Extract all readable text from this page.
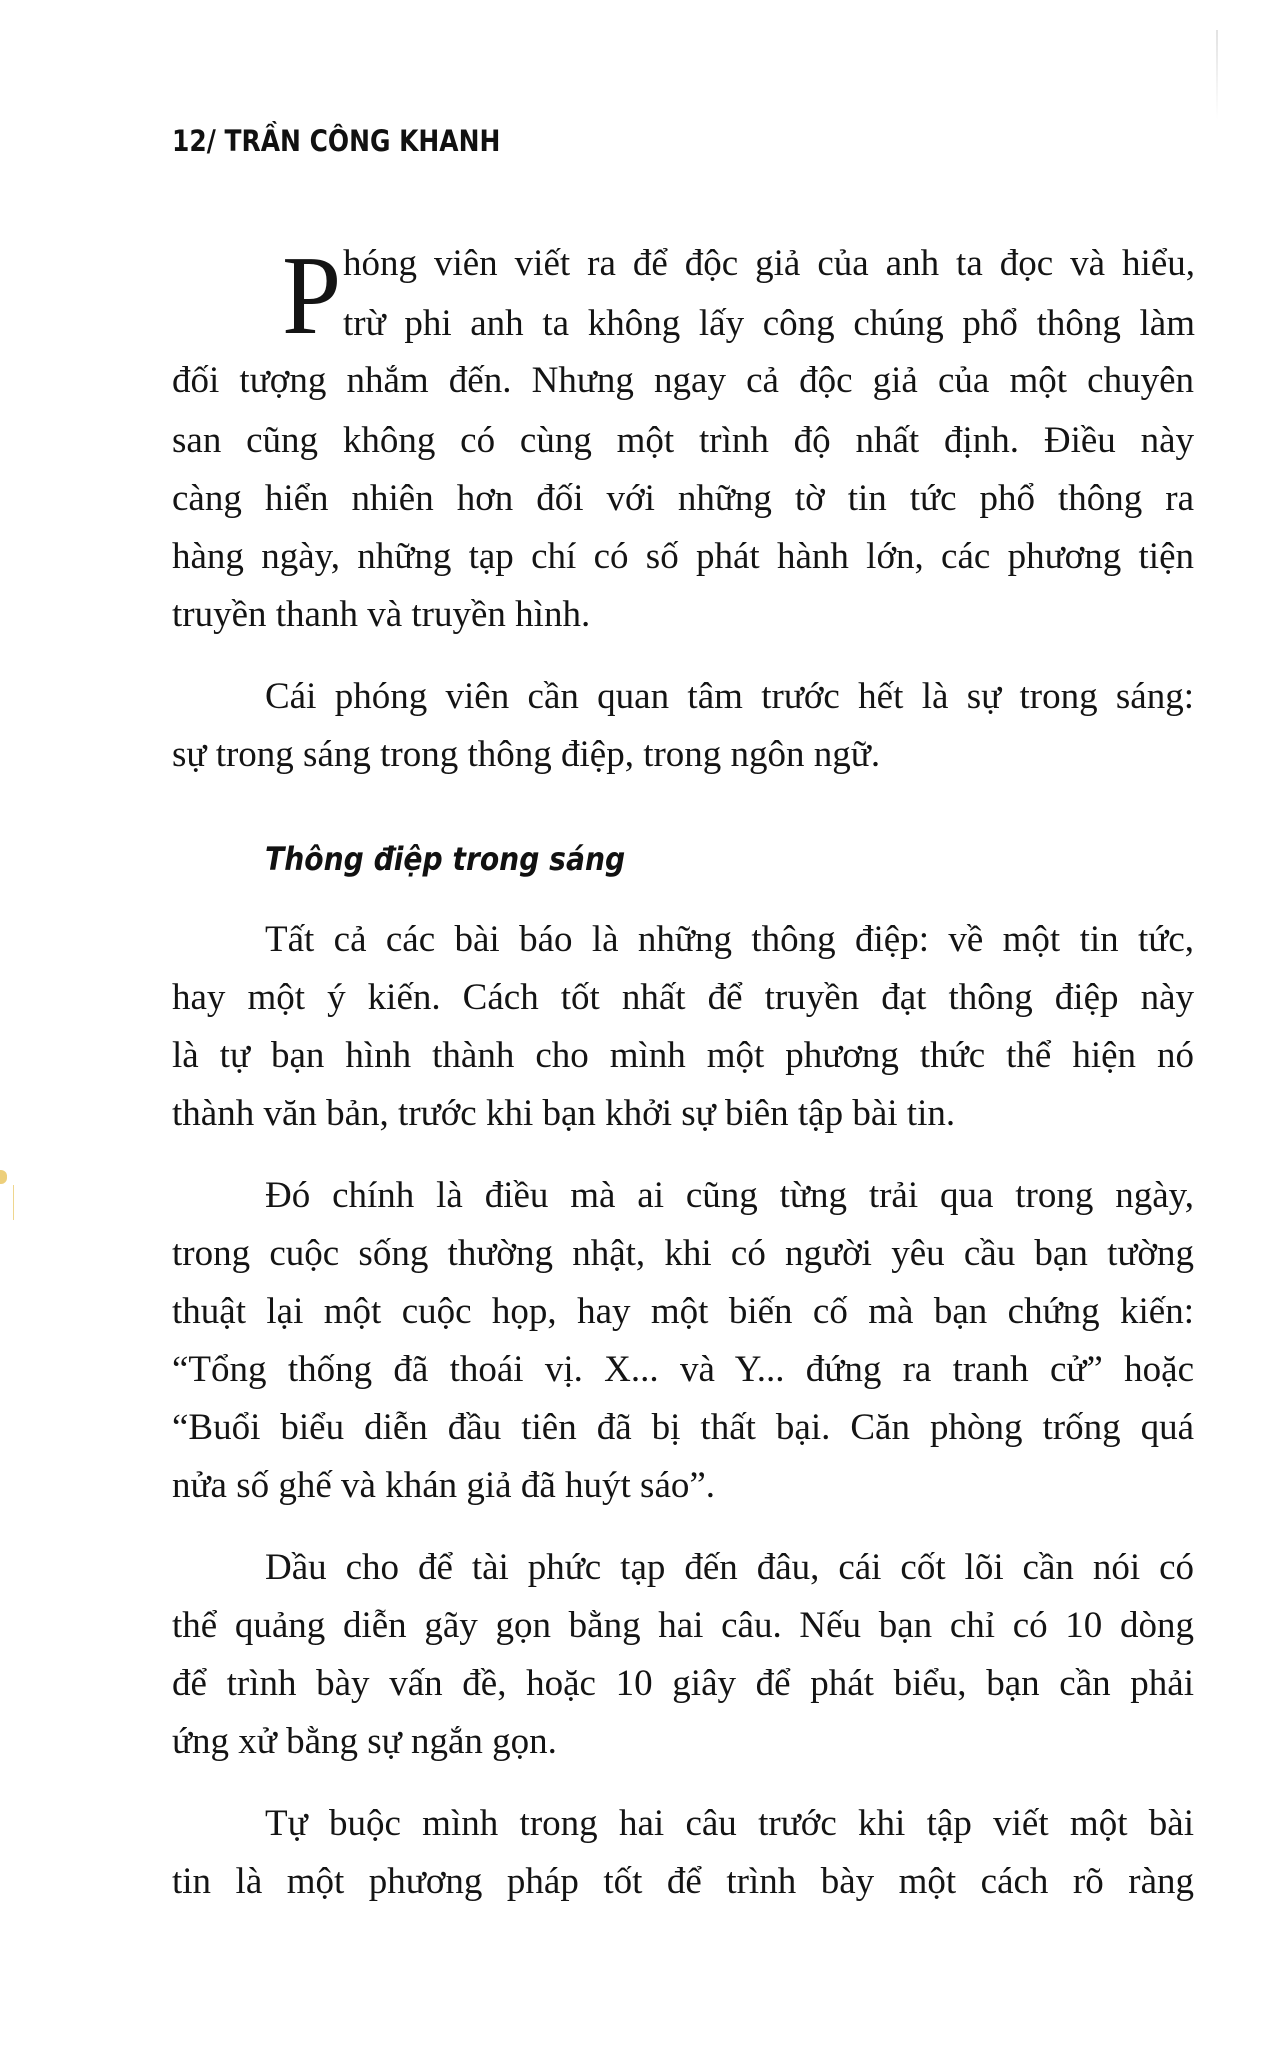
12/ TRẦN CÔNG KHANH
P hóng viên viết ra để độc giả của anh ta đọc và hiểu,
trừ phi anh ta không lấy công chúng phổ thông làm
đối tượng nhắm đến. Nhưng ngay cả độc giả của một chuyên
san cũng không có cùng một trình độ nhất định. Điều này
càng hiển nhiên hơn đối với những tờ tin tức phổ thông ra
hàng ngày, những tạp chí có số phát hành lớn, các phương tiện
truyền thanh và truyền hình.
Cái phóng viên cần quan tâm trước hết là sự trong sáng:
sự trong sáng trong thông điệp, trong ngôn ngữ.
Thông điệp trong sáng
Tất cả các bài báo là những thông điệp: về một tin tức,
hay một ý kiến. Cách tốt nhất để truyền đạt thông điệp này
là tự bạn hình thành cho mình một phương thức thể hiện nó
thành văn bản, trước khi bạn khởi sự biên tập bài tin.
Đó chính là điều mà ai cũng từng trải qua trong ngày,
trong cuộc sống thường nhật, khi có người yêu cầu bạn tường
thuật lại một cuộc họp, hay một biến cố mà bạn chứng kiến:
“Tổng thống đã thoái vị. X... và Y... đứng ra tranh cử” hoặc
“Buổi biểu diễn đầu tiên đã bị thất bại. Căn phòng trống quá
nửa số ghế và khán giả đã huýt sáo”.
Dầu cho để tài phức tạp đến đâu, cái cốt lõi cần nói có
thể quảng diễn gãy gọn bằng hai câu. Nếu bạn chỉ có 10 dòng
để trình bày vấn đề, hoặc 10 giây để phát biểu, bạn cần phải
ứng xử bằng sự ngắn gọn.
Tự buộc mình trong hai câu trước khi tập viết một bài
tin là một phương pháp tốt để trình bày một cách rõ ràng
